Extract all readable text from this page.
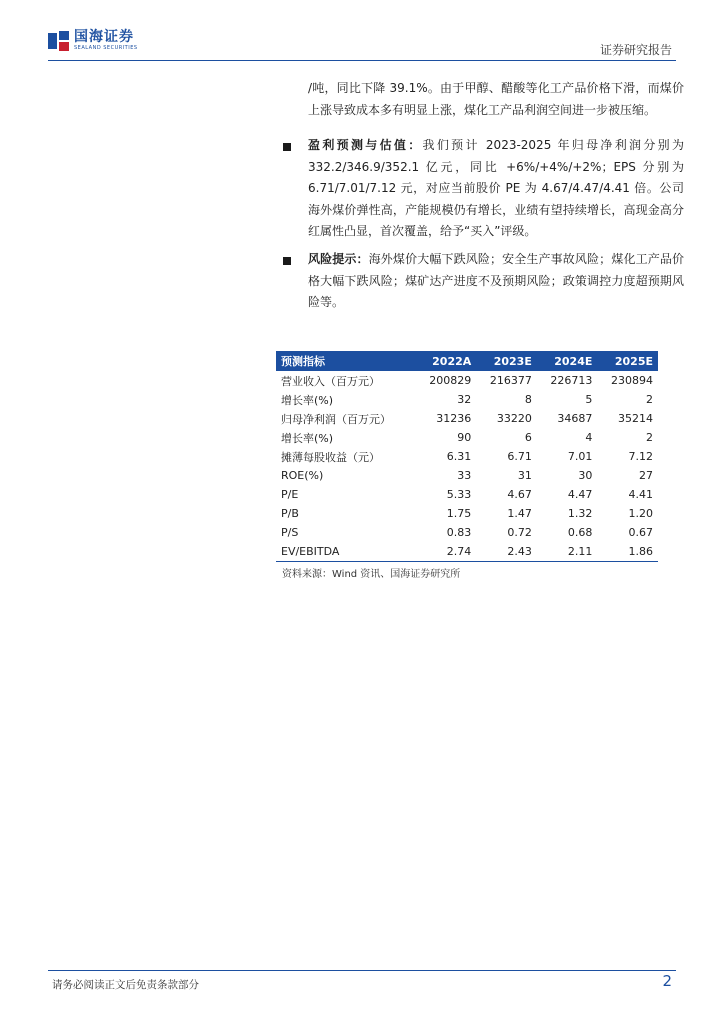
国海证券
SEALAND SECURITIES	证券研究报告
/吨，同比下降 39.1%。由于甲醇、醋酸等化工产品价格下滑，而煤价上涨导致成本多有明显上涨，煤化工产品利润空间进一步被压缩。
盈利预测与估值：我们预计 2023-2025 年归母净利润分别为 332.2/346.9/352.1 亿元，同比 +6%/+4%/+2%；EPS 分别为 6.71/7.01/7.12 元，对应当前股价 PE 为 4.67/4.47/4.41 倍。公司海外煤价弹性高，产能规模仍有增长，业绩有望持续增长，高现金高分红属性凸显，首次覆盖，给予“买入”评级。
风险提示：海外煤价大幅下跌风险；安全生产事故风险；煤化工产品价格大幅下跌风险；煤矿达产进度不及预期风险；政策调控力度超预期风险等。
预测指标	2022A	2023E	2024E	2025E
营业收入（百万元）	200829	216377	226713	230894
增长率(%)	32	8	5	2
归母净利润（百万元）	31236	33220	34687	35214
增长率(%)	90	6	4	2
摊薄每股收益（元）	6.31	6.71	7.01	7.12
ROE(%)	33	31	30	27
P/E	5.33	4.67	4.47	4.41
P/B	1.75	1.47	1.32	1.20
P/S	0.83	0.72	0.68	0.67
EV/EBITDA	2.74	2.43	2.11	1.86
资料来源：Wind 资讯、国海证券研究所
请务必阅读正文后免责条款部分	2
